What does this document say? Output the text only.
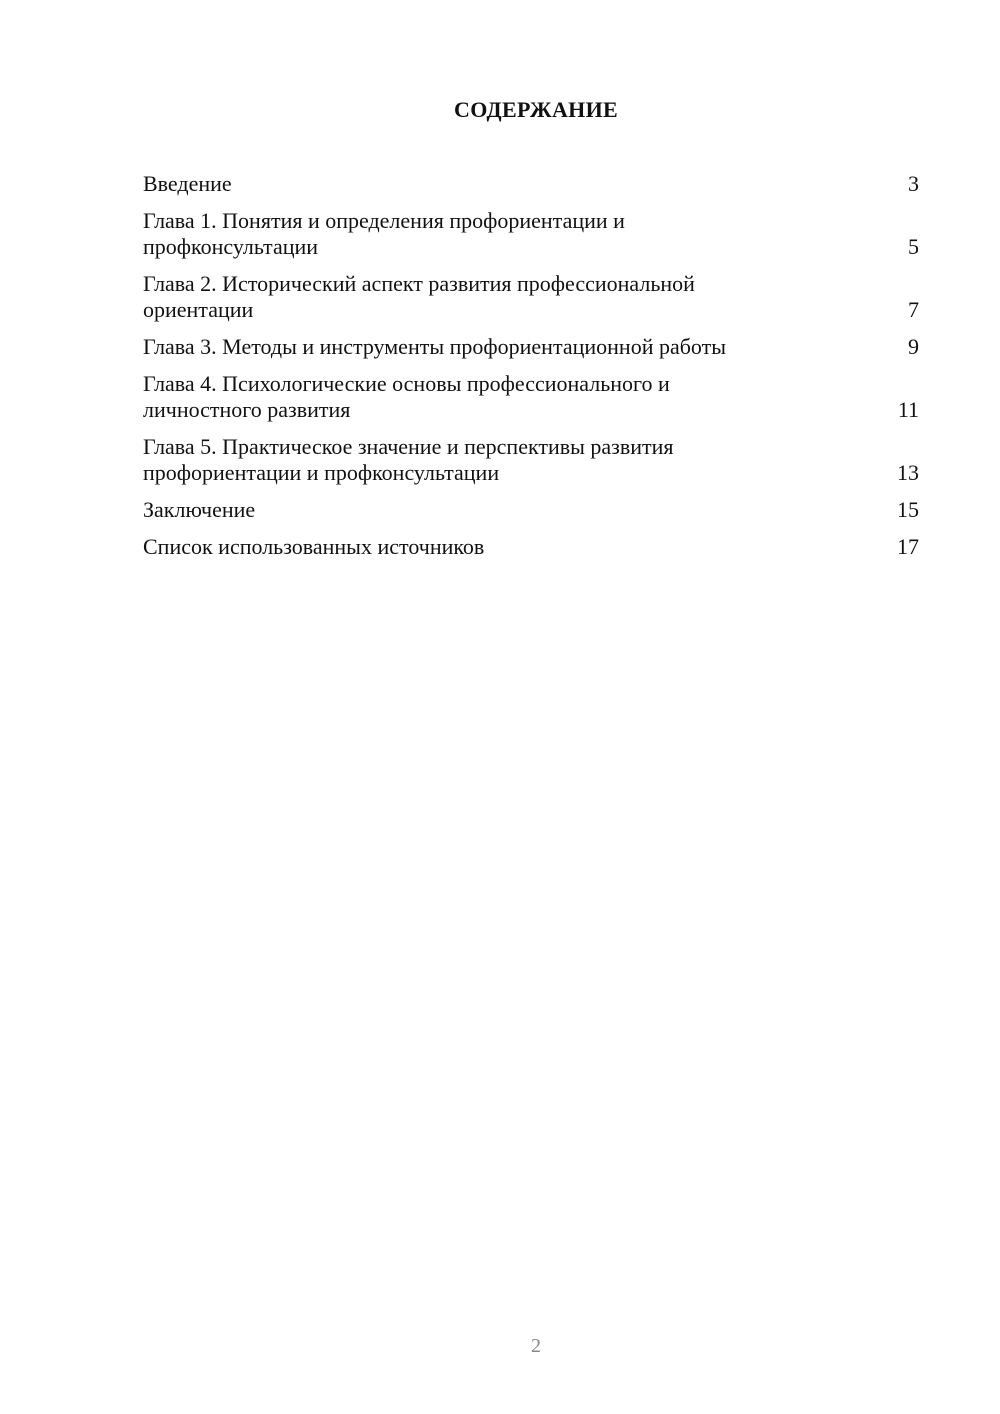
СОДЕРЖАНИЕ
Введение	3
Глава 1. Понятия и определения профориентации и
профконсультации	5
Глава 2. Исторический аспект развития профессиональной
ориентации	7
Глава 3. Методы и инструменты профориентационной работы	9
Глава 4. Психологические основы профессионального и
личностного развития	11
Глава 5. Практическое значение и перспективы развития
профориентации и профконсультации	13
Заключение	15
Список использованных источников	17
2
